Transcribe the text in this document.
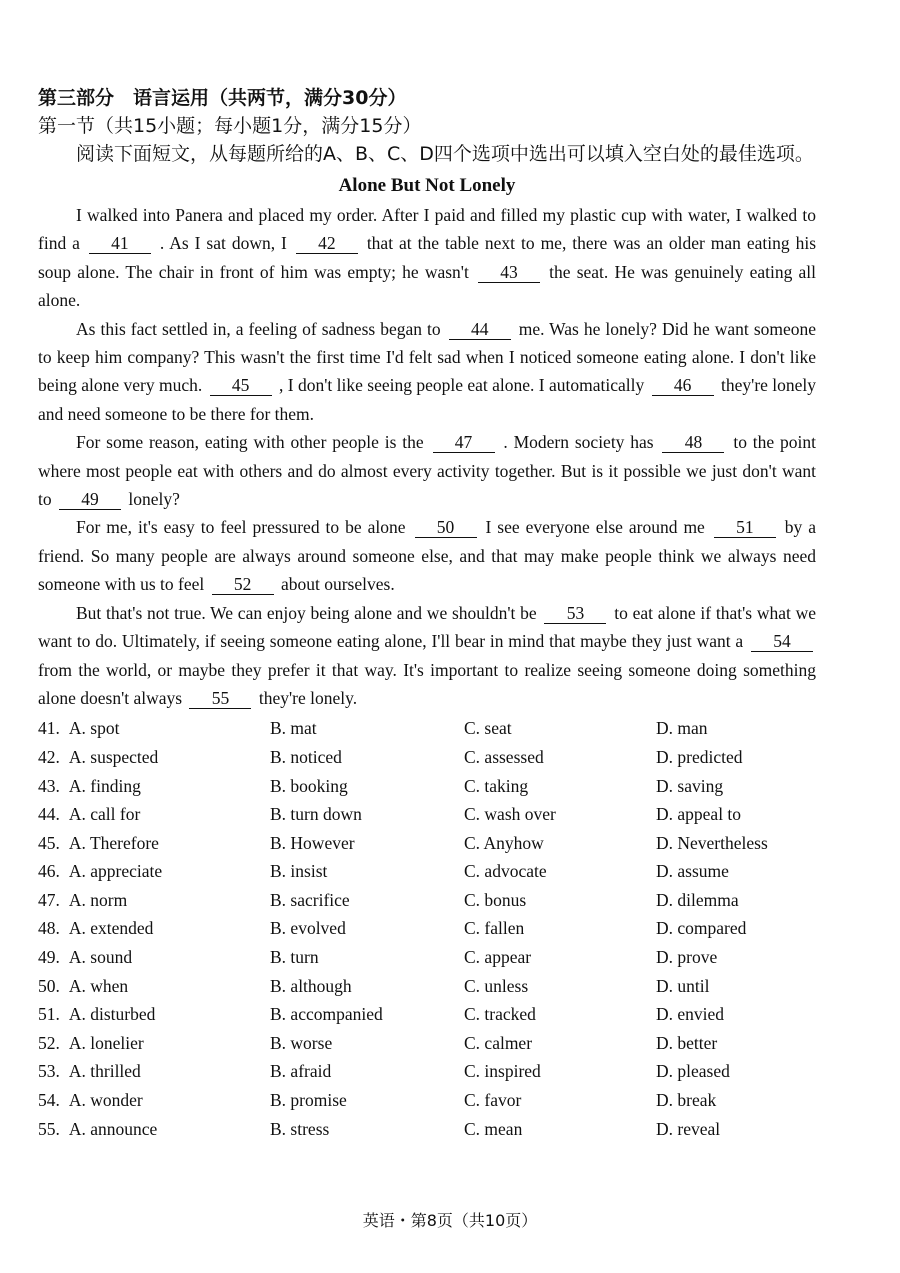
第三部分　语言运用（共两节，满分30分）
第一节（共15小题；每小题1分，满分15分）

阅读下面短文，从每题所给的A、B、C、D四个选项中选出可以填入空白处的最佳选项。

Alone But Not Lonely

I walked into Panera and placed my order. After I paid and filled my plastic cup with water, I walked to find a 41 . As I sat down, I 42 that at the table next to me, there was an older man eating his soup alone. The chair in front of him was empty; he wasn't 43 the seat. He was genuinely eating all alone.

As this fact settled in, a feeling of sadness began to 44 me. Was he lonely? Did he want someone to keep him company? This wasn't the first time I'd felt sad when I noticed someone eating alone. I don't like being alone very much. 45 , I don't like seeing people eat alone. I automatically 46 they're lonely and need someone to be there for them.

For some reason, eating with other people is the 47 . Modern society has 48 to the point where most people eat with others and do almost every activity together. But is it possible we just don't want to 49 lonely?

For me, it's easy to feel pressured to be alone 50 I see everyone else around me 51 by a friend. So many people are always around someone else, and that may make people think we always need someone with us to feel 52 about ourselves.

But that's not true. We can enjoy being alone and we shouldn't be 53 to eat alone if that's what we want to do. Ultimately, if seeing someone eating alone, I'll bear in mind that maybe they just want a 54 from the world, or maybe they prefer it that way. It's important to realize seeing someone doing something alone doesn't always 55 they're lonely.

41. A. spot	B. mat	C. seat	D. man
42. A. suspected	B. noticed	C. assessed	D. predicted
43. A. finding	B. booking	C. taking	D. saving
44. A. call for	B. turn down	C. wash over	D. appeal to
45. A. Therefore	B. However	C. Anyhow	D. Nevertheless
46. A. appreciate	B. insist	C. advocate	D. assume
47. A. norm	B. sacrifice	C. bonus	D. dilemma
48. A. extended	B. evolved	C. fallen	D. compared
49. A. sound	B. turn	C. appear	D. prove
50. A. when	B. although	C. unless	D. until
51. A. disturbed	B. accompanied	C. tracked	D. envied
52. A. lonelier	B. worse	C. calmer	D. better
53. A. thrilled	B. afraid	C. inspired	D. pleased
54. A. wonder	B. promise	C. favor	D. break
55. A. announce	B. stress	C. mean	D. reveal
英语・第8页（共10页）
